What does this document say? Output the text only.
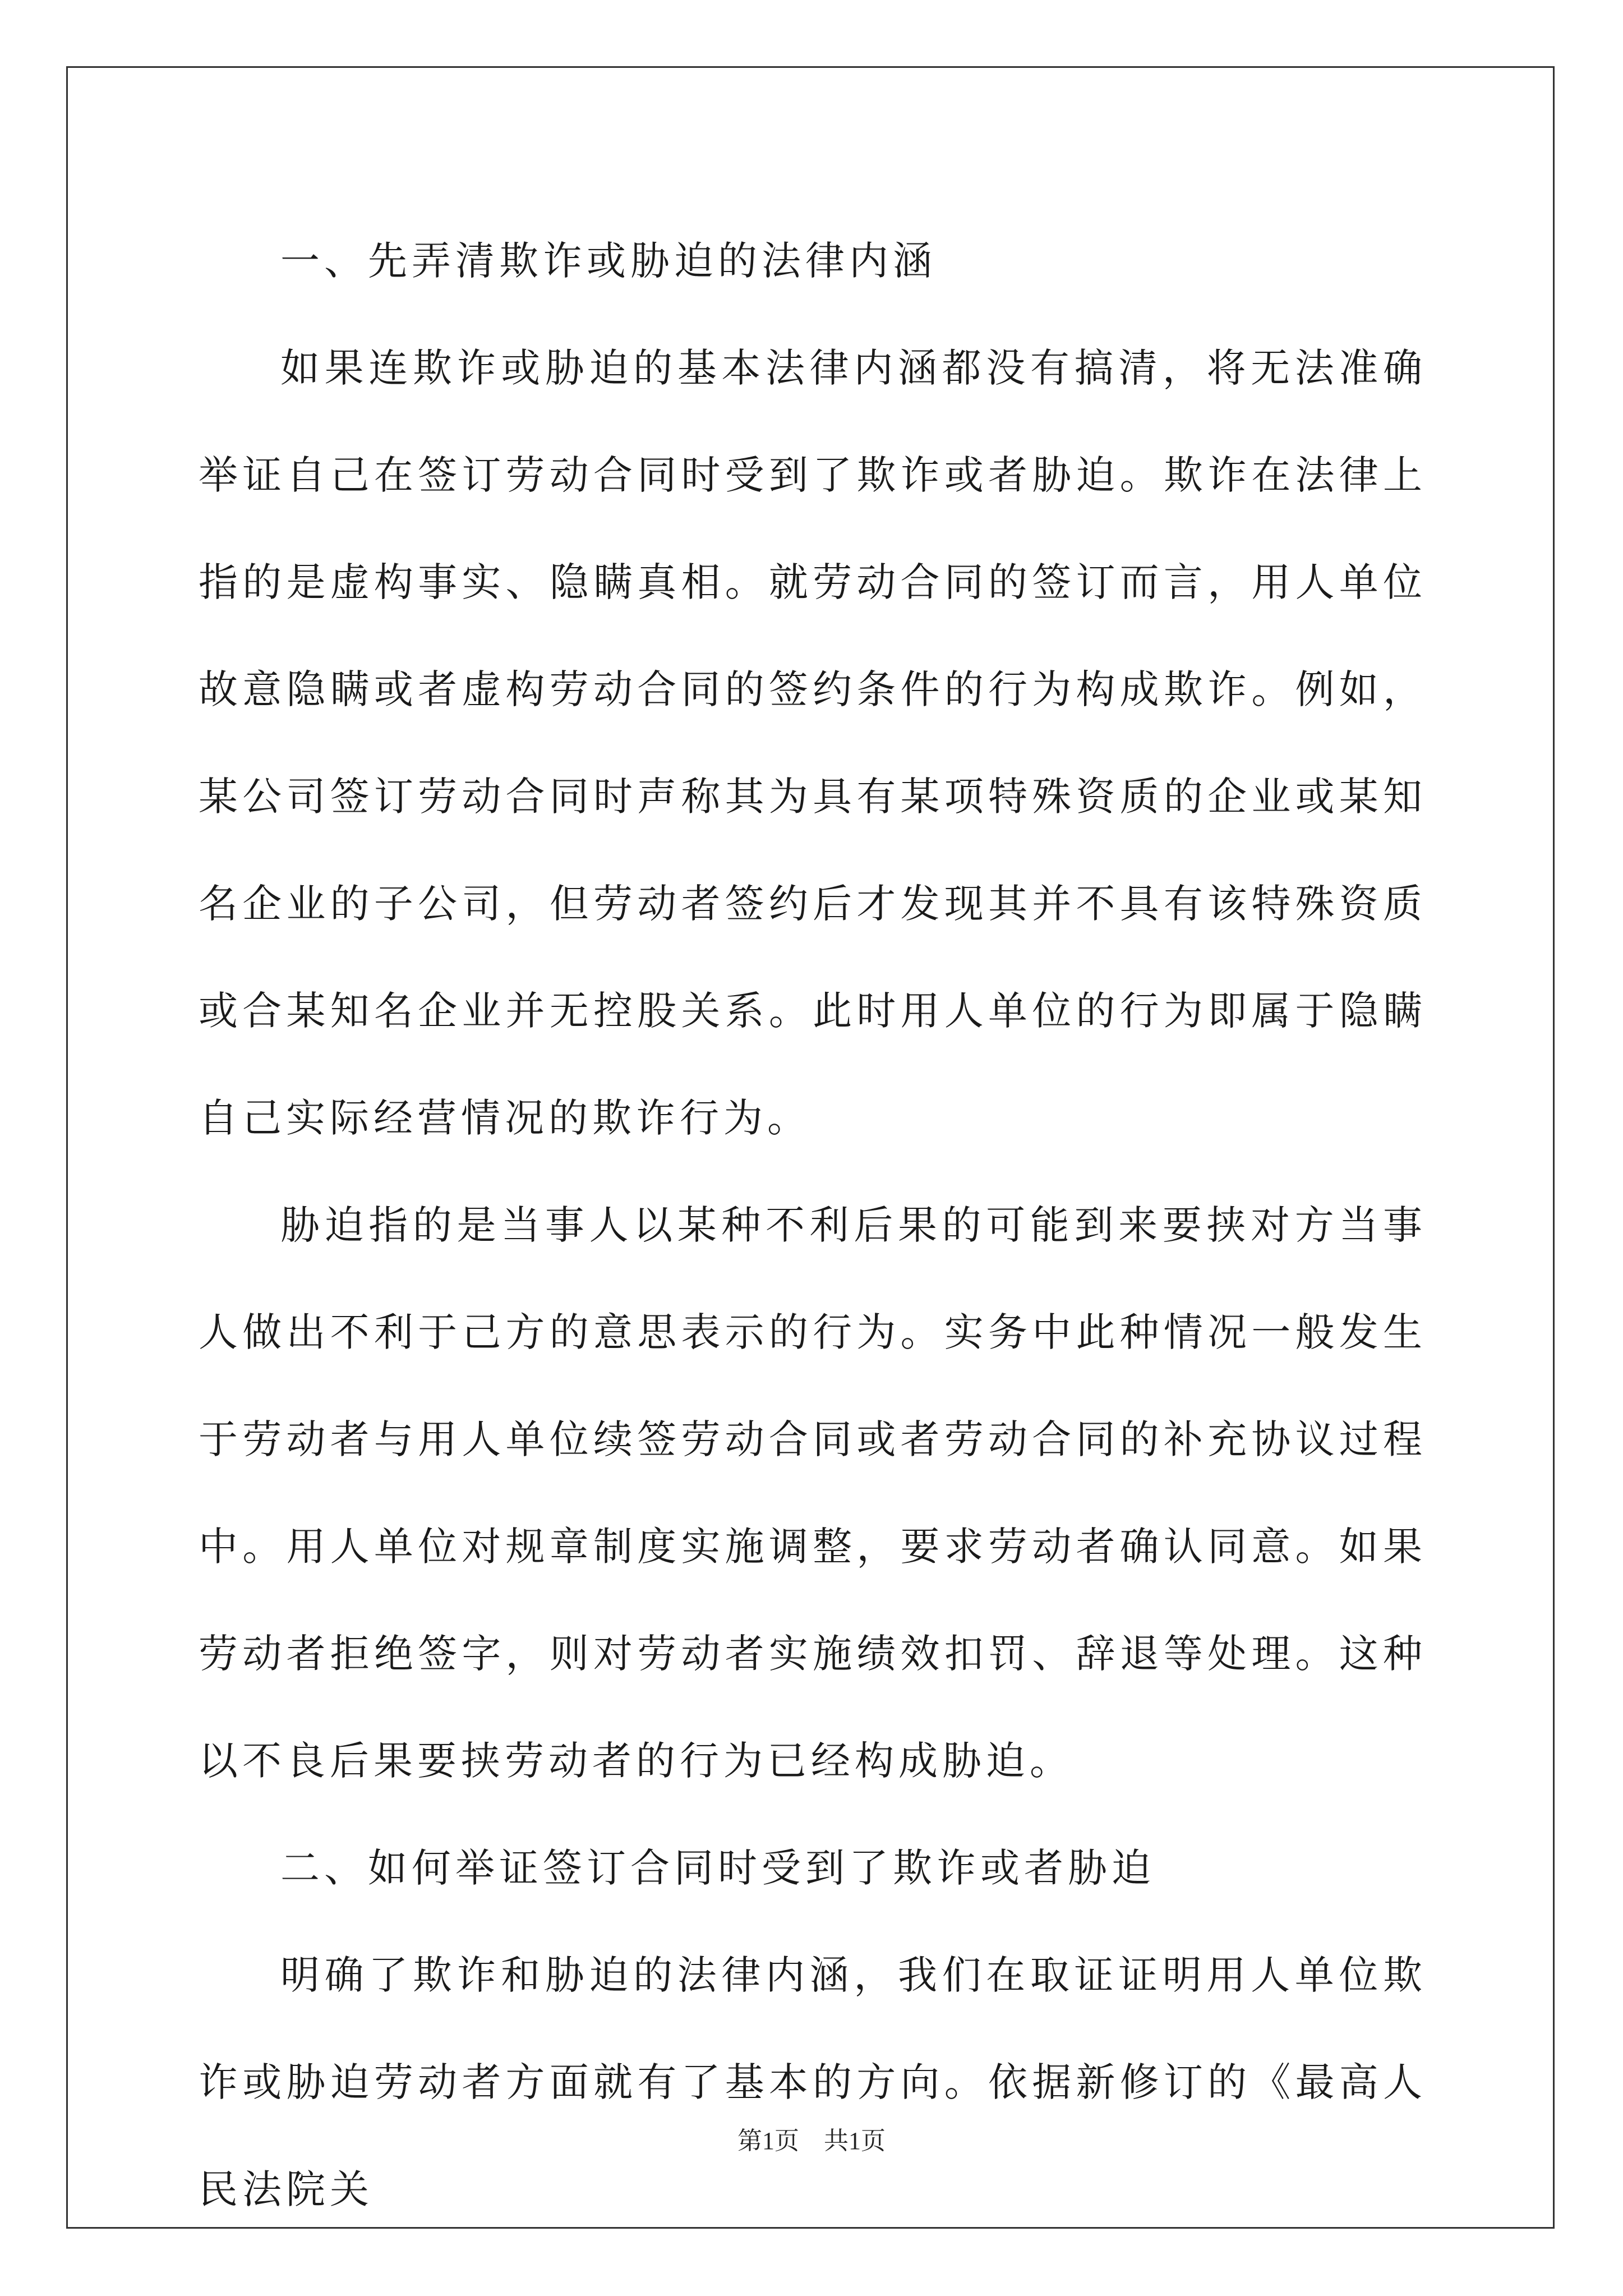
一、先弄清欺诈或胁迫的法律内涵

如果连欺诈或胁迫的基本法律内涵都没有搞清，将无法准确举证自己在签订劳动合同时受到了欺诈或者胁迫。欺诈在法律上指的是虚构事实、隐瞒真相。就劳动合同的签订而言，用人单位故意隐瞒或者虚构劳动合同的签约条件的行为构成欺诈。例如，某公司签订劳动合同时声称其为具有某项特殊资质的企业或某知名企业的子公司，但劳动者签约后才发现其并不具有该特殊资质或合某知名企业并无控股关系。此时用人单位的行为即属于隐瞒自己实际经营情况的欺诈行为。

胁迫指的是当事人以某种不利后果的可能到来要挟对方当事人做出不利于己方的意思表示的行为。实务中此种情况一般发生于劳动者与用人单位续签劳动合同或者劳动合同的补充协议过程中。用人单位对规章制度实施调整，要求劳动者确认同意。如果劳动者拒绝签字，则对劳动者实施绩效扣罚、辞退等处理。这种以不良后果要挟劳动者的行为已经构成胁迫。

二、如何举证签订合同时受到了欺诈或者胁迫

明确了欺诈和胁迫的法律内涵，我们在取证证明用人单位欺诈或胁迫劳动者方面就有了基本的方向。依据新修订的《最高人民法院关

第1页　共1页
